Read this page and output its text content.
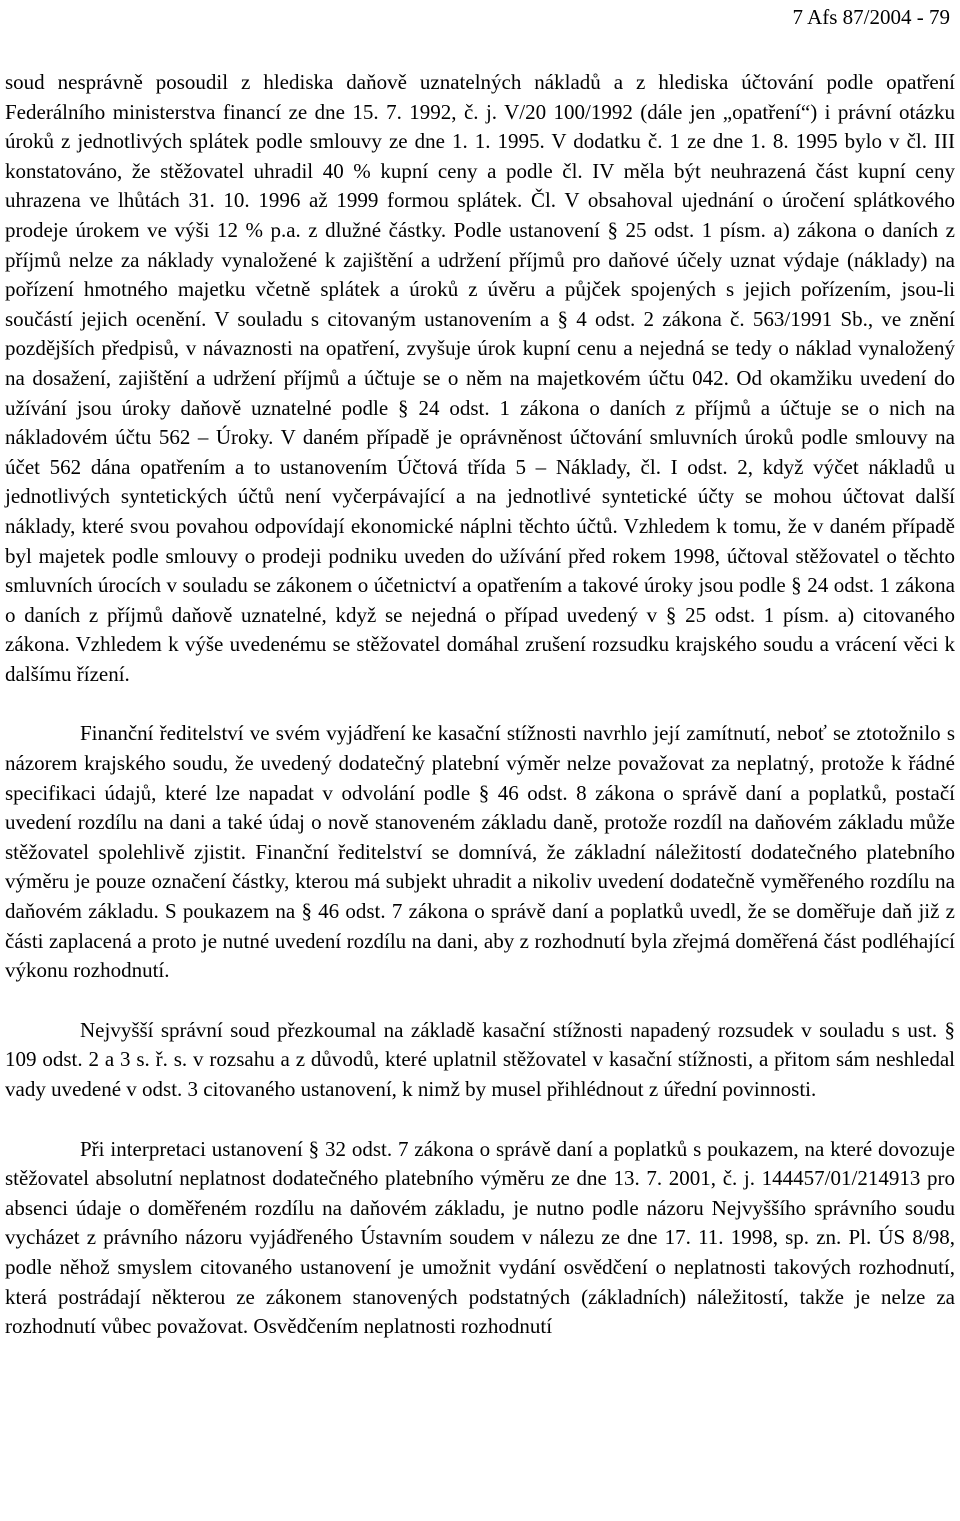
7 Afs 87/2004 - 79

soud nesprávně posoudil z hlediska daňově uznatelných nákladů a z hlediska účtování podle opatření Federálního ministerstva financí ze dne 15. 7. 1992, č. j. V/20 100/1992 (dále jen „opatření“) i právní otázku úroků z jednotlivých splátek podle smlouvy ze dne 1. 1. 1995. V dodatku č. 1 ze dne 1. 8. 1995 bylo v čl. III konstatováno, že stěžovatel uhradil 40 % kupní ceny a podle čl. IV měla být neuhrazená část kupní ceny uhrazena ve lhůtách 31. 10. 1996 až 1999 formou splátek. Čl. V obsahoval ujednání o úročení splátkového prodeje úrokem ve výši 12 % p.a. z dlužné částky. Podle ustanovení § 25 odst. 1 písm. a) zákona o daních z příjmů nelze za náklady vynaložené k zajištění a udržení příjmů pro daňové účely uznat výdaje (náklady) na pořízení hmotného majetku včetně splátek a úroků z úvěru a půjček spojených s jejich pořízením, jsou-li součástí jejich ocenění. V souladu s citovaným ustanovením a § 4 odst. 2 zákona č. 563/1991 Sb., ve znění pozdějších předpisů, v návaznosti na opatření, zvyšuje úrok kupní cenu a nejedná se tedy o náklad vynaložený na dosažení, zajištění a udržení příjmů a účtuje se o něm na majetkovém účtu 042. Od okamžiku uvedení do užívání jsou úroky daňově uznatelné podle § 24 odst. 1 zákona o daních z příjmů a účtuje se o nich na nákladovém účtu 562 – Úroky. V daném případě je oprávněnost účtování smluvních úroků podle smlouvy na účet 562 dána opatřením a to ustanovením Účtová třída 5 – Náklady, čl. I odst. 2, když výčet nákladů u jednotlivých syntetických účtů není vyčerpávající a na jednotlivé syntetické účty se mohou účtovat další náklady, které svou povahou odpovídají ekonomické náplni těchto účtů. Vzhledem k tomu, že v daném případě byl majetek podle smlouvy o prodeji podniku uveden do užívání před rokem 1998, účtoval stěžovatel o těchto smluvních úrocích v souladu se zákonem o účetnictví a opatřením a takové úroky jsou podle § 24 odst. 1 zákona o daních z příjmů daňově uznatelné, když se nejedná o případ uvedený v § 25 odst. 1 písm. a) citovaného zákona. Vzhledem k výše uvedenému se stěžovatel domáhal zrušení rozsudku krajského soudu a vrácení věci k dalšímu řízení.

Finanční ředitelství ve svém vyjádření ke kasační stížnosti navrhlo její zamítnutí, neboť se ztotožnilo s názorem krajského soudu, že uvedený dodatečný platební výměr nelze považovat za neplatný, protože k řádné specifikaci údajů, které lze napadat v odvolání podle § 46 odst. 8 zákona o správě daní a poplatků, postačí uvedení rozdílu na dani a také údaj o nově stanoveném základu daně, protože rozdíl na daňovém základu může stěžovatel spolehlivě zjistit. Finanční ředitelství se domnívá, že základní náležitostí dodatečného platebního výměru je pouze označení částky, kterou má subjekt uhradit a nikoliv uvedení dodatečně vyměřeného rozdílu na daňovém základu. S poukazem na § 46 odst. 7 zákona o správě daní a poplatků uvedl, že se doměřuje daň již z části zaplacená a proto je nutné uvedení rozdílu na dani, aby z rozhodnutí byla zřejmá doměřená část podléhající výkonu rozhodnutí.

Nejvyšší správní soud přezkoumal na základě kasační stížnosti napadený rozsudek v souladu s ust. § 109 odst. 2 a 3 s. ř. s. v rozsahu a z důvodů, které uplatnil stěžovatel v kasační stížnosti, a přitom sám neshledal vady uvedené v odst. 3 citovaného ustanovení, k nimž by musel přihlédnout z úřední povinnosti.

Při interpretaci ustanovení § 32 odst. 7 zákona o správě daní a poplatků s poukazem, na které dovozuje stěžovatel absolutní neplatnost dodatečného platebního výměru ze dne 13. 7. 2001, č. j. 144457/01/214913 pro absenci údaje o doměřeném rozdílu na daňovém základu, je nutno podle názoru Nejvyššího správního soudu vycházet z právního názoru vyjádřeného Ústavním soudem v nálezu ze dne 17. 11. 1998, sp. zn. Pl. ÚS 8/98, podle něhož smyslem citovaného ustanovení je umožnit vydání osvědčení o neplatnosti takových rozhodnutí, která postrádají některou ze zákonem stanovených podstatných (základních) náležitostí, takže je nelze za rozhodnutí vůbec považovat. Osvědčením neplatnosti rozhodnutí
